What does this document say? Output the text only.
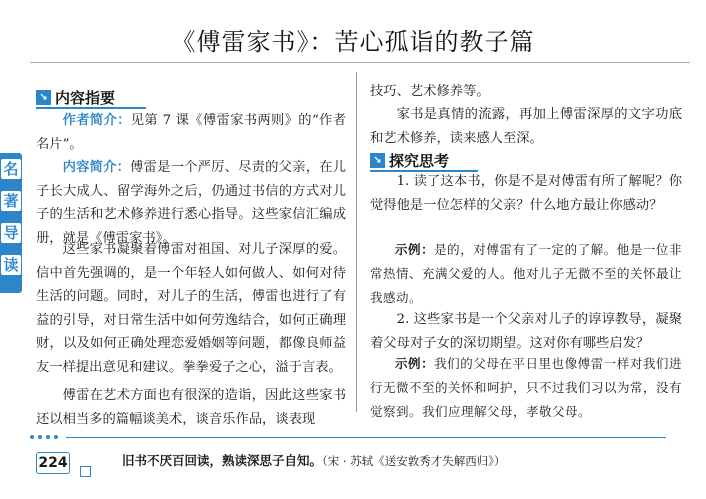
《傅雷家书》：苦心孤诣的教子篇
名
著
导
读
↘ 内容指要
作者简介：见第 7 课《傅雷家书两则》的“作者名片”。
内容简介：傅雷是一个严厉、尽责的父亲，在儿子长大成人、留学海外之后，仍通过书信的方式对儿子的生活和艺术修养进行悉心指导。这些家信汇编成册，就是《傅雷家书》。
这些家书凝聚着傅雷对祖国、对儿子深厚的爱。信中首先强调的，是一个年轻人如何做人、如何对待生活的问题。同时，对儿子的生活，傅雷也进行了有益的引导，对日常生活中如何劳逸结合，如何正确理财，以及如何正确处理恋爱婚姻等问题，都像良师益友一样提出意见和建议。拳拳爱子之心，溢于言表。
傅雷在艺术方面也有很深的造诣，因此这些家书还以相当多的篇幅谈美术，谈音乐作品，谈表现
技巧、艺术修养等。
家书是真情的流露，再加上傅雷深厚的文字功底和艺术修养，读来感人至深。
↘ 探究思考
1. 读了这本书，你是不是对傅雷有所了解呢？你觉得他是一位怎样的父亲？什么地方最让你感动？
示例：是的，对傅雷有了一定的了解。他是一位非常热情、充满父爱的人。他对儿子无微不至的关怀最让我感动。
2. 这些家书是一个父亲对儿子的谆谆教导，凝聚着父母对子女的深切期望。这对你有哪些启发？
示例：我们的父母在平日里也像傅雷一样对我们进行无微不至的关怀和呵护，只不过我们习以为常，没有觉察到。我们应理解父母，孝敬父母。
224	旧书不厌百回读，熟读深思子自知。（宋 · 苏轼《送安敦秀才失解西归》）
